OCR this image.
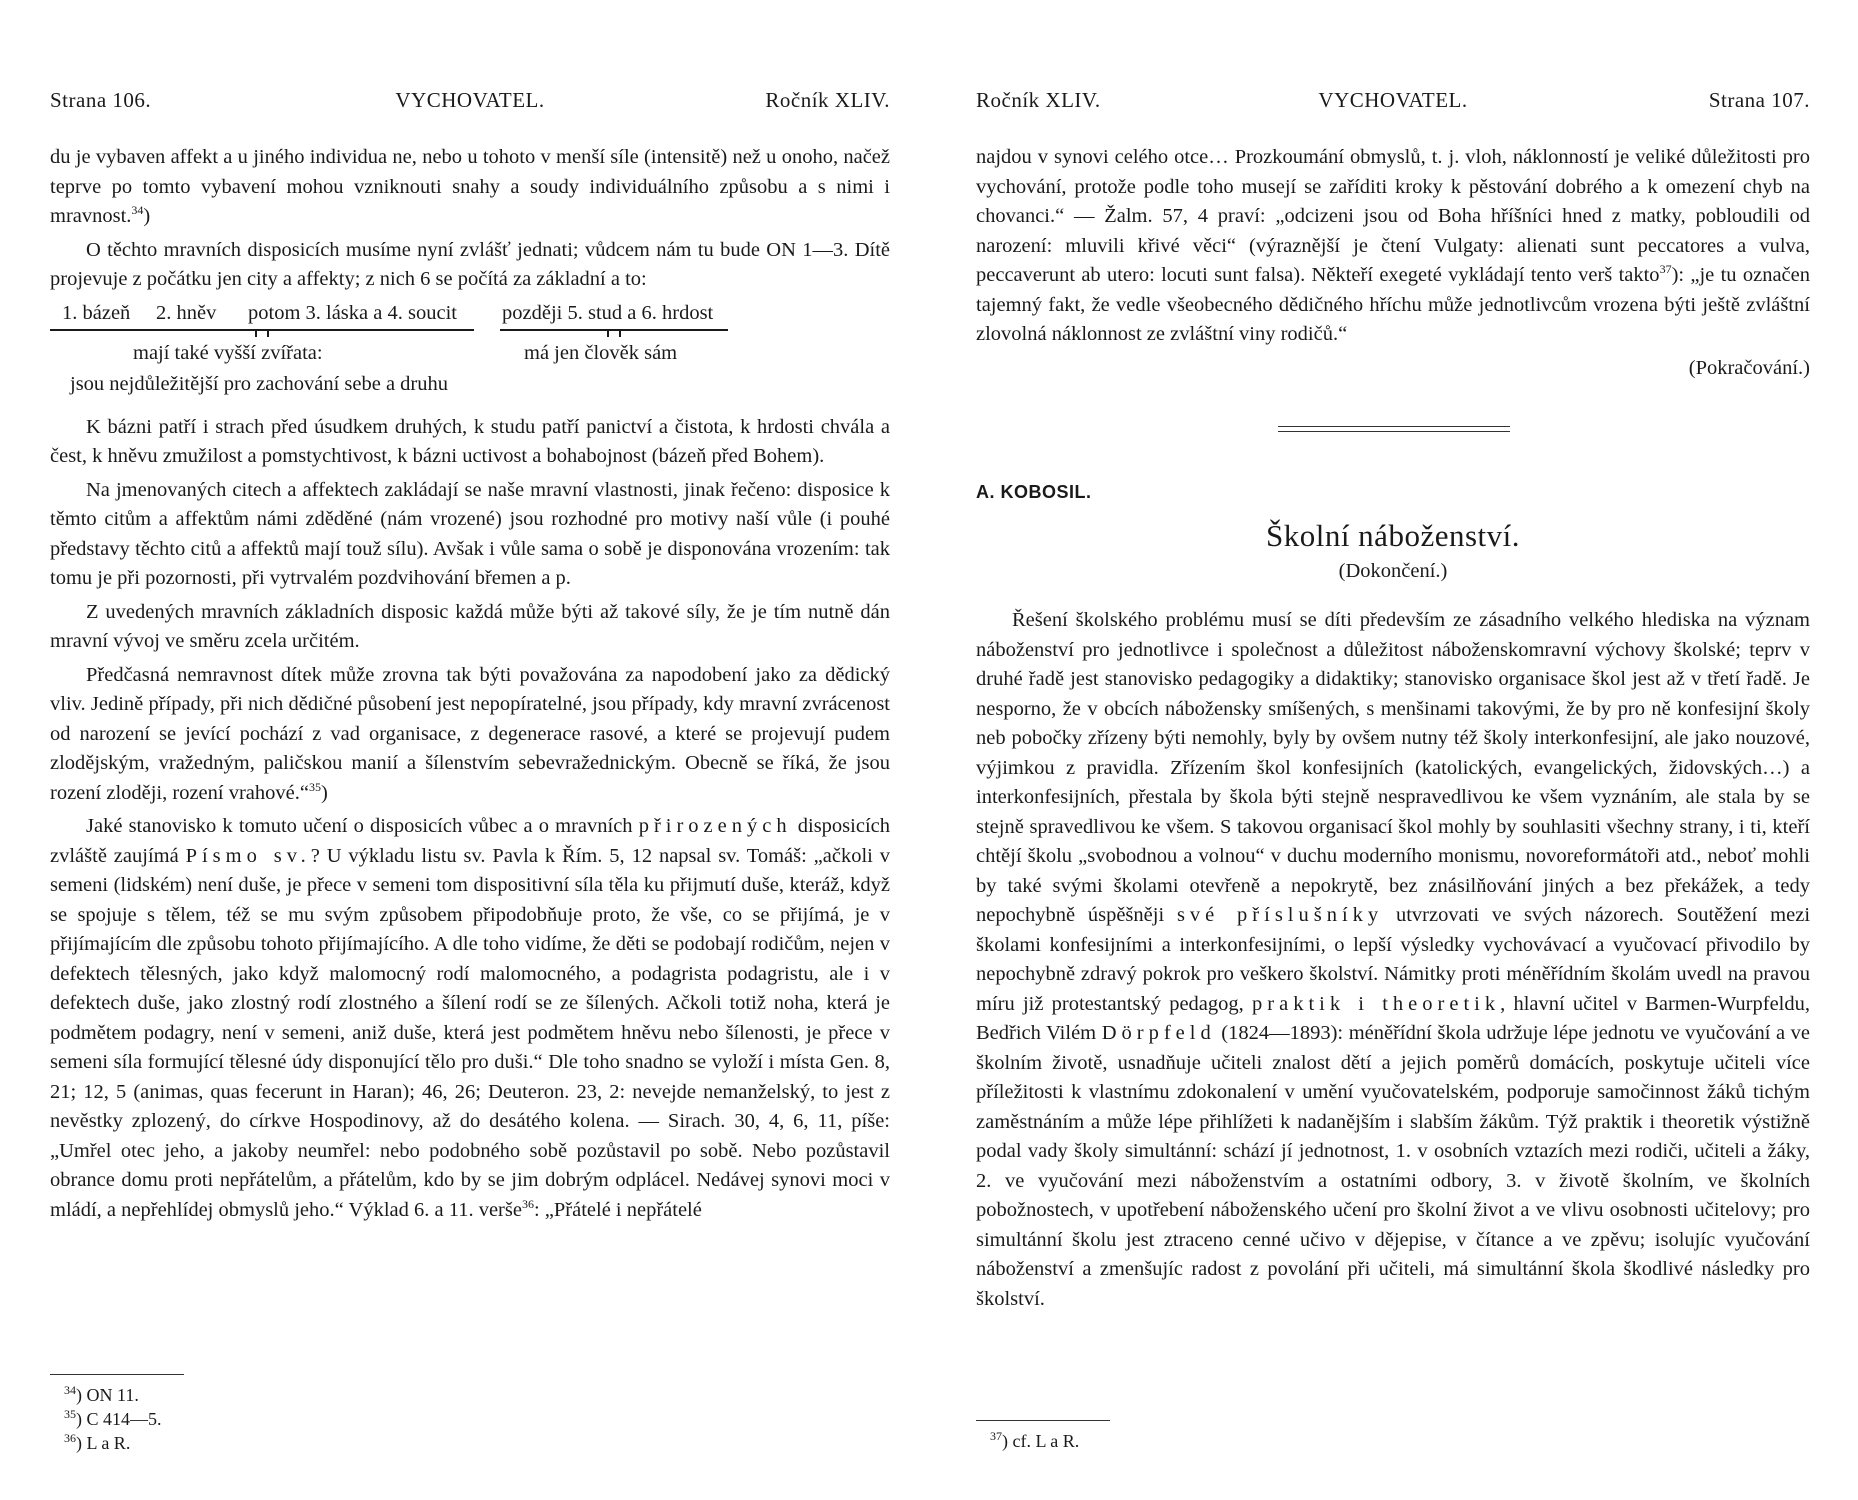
Strana 106.	VYCHOVATEL.	Ročník XLIV.

du je vybaven affekt a u jiného individua ne, nebo u tohoto v menší síle (intensitě) než u onoho, načež teprve po tomto vybavení mohou vzniknouti snahy a soudy individuálního způsobu a s nimi i mravnost.$^{34}$)

O těchto mravních disposicích musíme nyní zvlášť jednati; vůdcem nám tu bude ON 1—3. Dítě projevuje z počátku jen city a affekty; z nich 6 se počítá za základní a to:

1. bázeň 2. hněv potom 3. láska a 4. soucit později 5. stud a 6. hrdost
mají také vyšší zvířata:	má jen člověk sám
jsou nejdůležitější pro zachování sebe a druhu

K bázni patří i strach před úsudkem druhých, k studu patří panictví a čistota, k hrdosti chvála a čest, k hněvu zmužilost a pomstychtivost, k bázni uctivost a bohabojnost (bázeň před Bohem).

Na jmenovaných citech a affektech zakládají se naše mravní vlastnosti, jinak řečeno: disposice k těmto citům a affektům námi zděděné (nám vrozené) jsou rozhodné pro motivy naší vůle (i pouhé představy těchto citů a affektů mají touž sílu). Avšak i vůle sama o sobě je disponována vrozením: tak tomu je při pozornosti, při vytrvalém pozdvihování břemen a p.

Z uvedených mravních základních disposic každá může býti až takové síly, že je tím nutně dán mravní vývoj ve směru zcela určitém.

Předčasná nemravnost dítek může zrovna tak býti považována za napodobení jako za dědický vliv. Jedině případy, při nich dědičné působení jest nepopíratelné, jsou případy, kdy mravní zvrácenost od narození se jevící pochází z vad organisace, z degenerace rasové, a které se projevují pudem zlodějským, vražedným, paličskou manií a šílenstvím sebevražednickým. Obecně se říká, že jsou rození zloději, rození vrahové.“$^{35}$)

Jaké stanovisko k tomuto učení o disposicích vůbec a o mravních přirozených disposicích zvláště zaujímá Písmo sv.? U výkladu listu sv. Pavla k Řím. 5, 12 napsal sv. Tomáš: „ačkoli v semeni (lidském) není duše, je přece v semeni tom dispositivní síla těla ku přijmutí duše, kteráž, když se spojuje s tělem, též se mu svým způsobem připodobňuje proto, že vše, co se přijímá, je v přijímajícím dle způsobu tohoto přijímajícího. A dle toho vidíme, že děti se podobají rodičům, nejen v defektech tělesných, jako když malomocný rodí malomocného, a podagrista podagristu, ale i v defektech duše, jako zlostný rodí zlostného a šílení rodí se ze šílených. Ačkoli totiž noha, která je podmětem podagry, není v semeni, aniž duše, která jest podmětem hněvu nebo šílenosti, je přece v semeni síla formující tělesné údy disponující tělo pro duši.“ Dle toho snadno se vyloží i místa Gen. 8, 21; 12, 5 (animas, quas fecerunt in Haran); 46, 26; Deuteron. 23, 2: nevejde nemanželský, to jest z nevěstky zplozený, do církve Hospodinovy, až do desátého kolena. — Sirach. 30, 4, 6, 11, píše: „Umřel otec jeho, a jakoby neumřel: nebo podobného sobě pozůstavil po sobě. Nebo pozůstavil obrance domu proti nepřátelům, a přátelům, kdo by se jim dobrým odplácel. Nedávej synovi moci v mládí, a nepřehlídej obmyslů jeho.“ Výklad 6. a 11. verše$^{36}$: „Přátelé i nepřátelé

$^{34}$) ON 11.
$^{35}$) C 414—5.
$^{36}$) L a R.
Ročník XLIV.	VYCHOVATEL.	Strana 107.

najdou v synovi celého otce… Prozkoumání obmyslů, t. j. vloh, náklonností je veliké důležitosti pro vychování, protože podle toho musejí se zaříditi kroky k pěstování dobrého a k omezení chyb na chovanci.“ — Žalm. 57, 4 praví: „odcizeni jsou od Boha hříšníci hned z matky, pobloudili od narození: mluvili křivé věci“ (výraznější je čtení Vulgaty: alienati sunt peccatores a vulva, peccaverunt ab utero: locuti sunt falsa). Někteří exegeté vykládají tento verš takto$^{37}$): „je tu označen tajemný fakt, že vedle všeobecného dědičného hříchu může jednotlivcům vrozena býti ještě zvláštní zlovolná náklonnost ze zvláštní viny rodičů.“

(Pokračování.)
A. KOBOSIL.
Školní náboženství.
(Dokončení.)

Řešení školského problému musí se díti především ze zásadního velkého hlediska na význam náboženství pro jednotlivce i společnost a důležitost náboženskomravní výchovy školské; teprv v druhé řadě jest stanovisko pedagogiky a didaktiky; stanovisko organisace škol jest až v třetí řadě. Je nesporno, že v obcích nábožensky smíšených, s menšinami takovými, že by pro ně konfesijní školy neb pobočky zřízeny býti nemohly, byly by ovšem nutny též školy interkonfesijní, ale jako nouzové, výjimkou z pravidla. Zřízením škol konfesijních (katolických, evangelických, židovských…) a interkonfesijních, přestala by škola býti stejně nespravedlivou ke všem vyznáním, ale stala by se stejně spravedlivou ke všem. S takovou organisací škol mohly by souhlasiti všechny strany, i ti, kteří chtějí školu „svobodnou a volnou“ v duchu moderního monismu, novoreformátoři atd., neboť mohli by také svými školami otevřeně a nepokrytě, bez znásilňování jiných a bez překážek, a tedy nepochybně úspěšněji své příslušníky utvrzovati ve svých názorech. Soutěžení mezi školami konfesijními a interkonfesijními, o lepší výsledky vychovávací a vyučovací přivodilo by nepochybně zdravý pokrok pro veškero školství. Námitky proti méněřídním školám uvedl na pravou míru již protestantský pedagog, praktik i theoretik, hlavní učitel v Barmen-Wurpfeldu, Bedřich Vilém Dörpfeld (1824—1893): méněřídní škola udržuje lépe jednotu ve vyučování a ve školním životě, usnadňuje učiteli znalost dětí a jejich poměrů domácích, poskytuje učiteli více příležitosti k vlastnímu zdokonalení v umění vyučovatelském, podporuje samočinnost žáků tichým zaměstnáním a může lépe přihlížeti k nadanějším i slabším žákům. Týž praktik i theoretik výstižně podal vady školy simultánní: schází jí jednotnost, 1. v osobních vztazích mezi rodiči, učiteli a žáky, 2. ve vyučování mezi náboženstvím a ostatními odbory, 3. v životě školním, ve školních pobožnostech, v upotřebení náboženského učení pro školní život a ve vlivu osobnosti učitelovy; pro simultánní školu jest ztraceno cenné učivo v dějepise, v čítance a ve zpěvu; isolujíc vyučování náboženství a zmenšujíc radost z povolání při učiteli, má simultánní škola škodlivé následky pro školství.

$^{37}$) cf. L a R.
